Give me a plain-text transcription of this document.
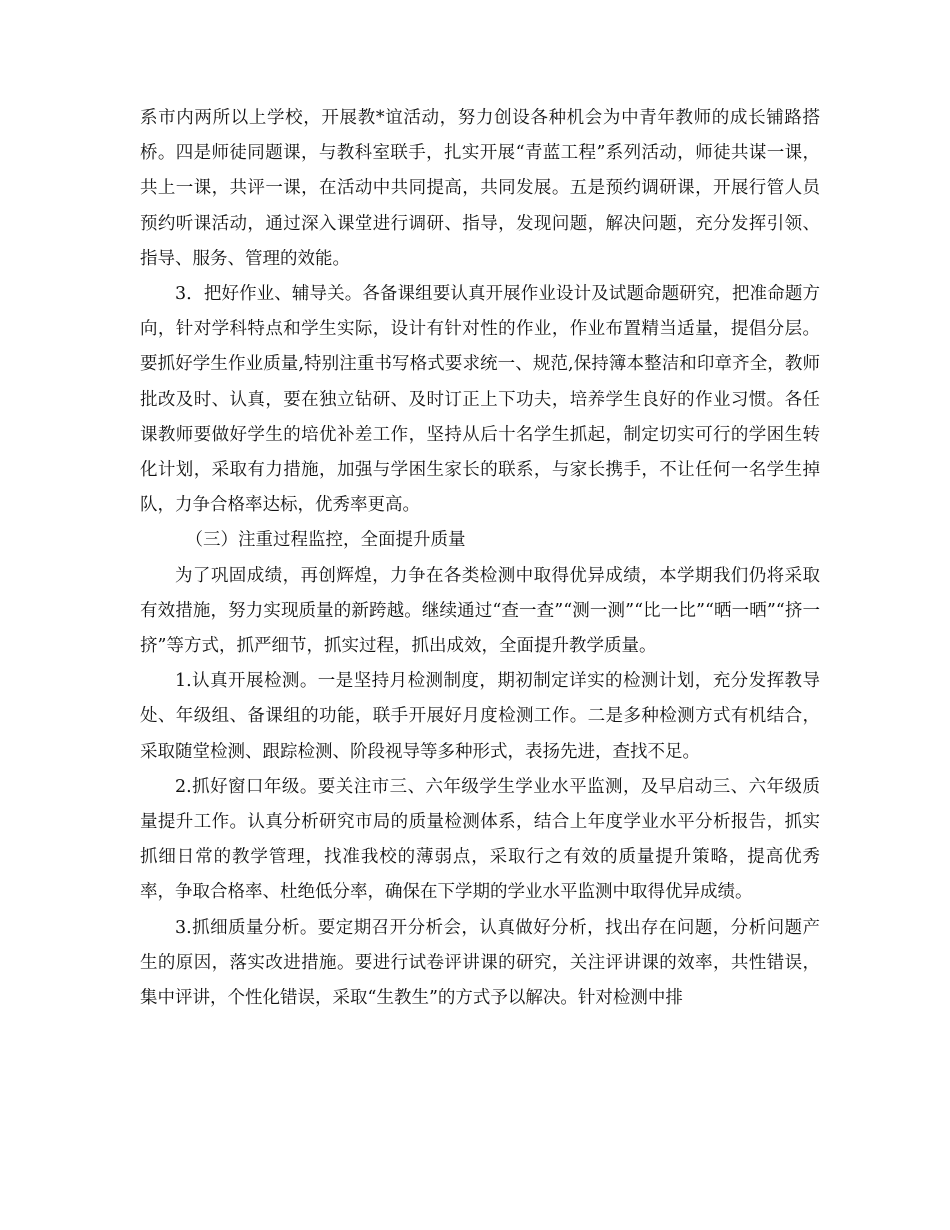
系市内两所以上学校，开展教*谊活动，努力创设各种机会为中青年教师的成长铺路搭桥。四是师徒同题课，与教科室联手，扎实开展“青蓝工程”系列活动，师徒共谋一课，共上一课，共评一课，在活动中共同提高，共同发展。五是预约调研课，开展行管人员预约听课活动，通过深入课堂进行调研、指导，发现问题，解决问题，充分发挥引领、指导、服务、管理的效能。

3．把好作业、辅导关。各备课组要认真开展作业设计及试题命题研究，把准命题方向，针对学科特点和学生实际，设计有针对性的作业，作业布置精当适量，提倡分层。要抓好学生作业质量,特别注重书写格式要求统一、规范,保持簿本整洁和印章齐全，教师批改及时、认真，要在独立钻研、及时订正上下功夫，培养学生良好的作业习惯。各任课教师要做好学生的培优补差工作，坚持从后十名学生抓起，制定切实可行的学困生转化计划，采取有力措施，加强与学困生家长的联系，与家长携手，不让任何一名学生掉队，力争合格率达标，优秀率更高。

（三）注重过程监控，全面提升质量

为了巩固成绩，再创辉煌，力争在各类检测中取得优异成绩，本学期我们仍将采取有效措施，努力实现质量的新跨越。继续通过“查一查”“测一测”“比一比”“晒一晒”“挤一挤”等方式，抓严细节，抓实过程，抓出成效，全面提升教学质量。

1.认真开展检测。一是坚持月检测制度，期初制定详实的检测计划，充分发挥教导处、年级组、备课组的功能，联手开展好月度检测工作。二是多种检测方式有机结合，采取随堂检测、跟踪检测、阶段视导等多种形式，表扬先进，查找不足。

2.抓好窗口年级。要关注市三、六年级学生学业水平监测，及早启动三、六年级质量提升工作。认真分析研究市局的质量检测体系，结合上年度学业水平分析报告，抓实抓细日常的教学管理，找准我校的薄弱点，采取行之有效的质量提升策略，提高优秀率，争取合格率、杜绝低分率，确保在下学期的学业水平监测中取得优异成绩。

3.抓细质量分析。要定期召开分析会，认真做好分析，找出存在问题，分析问题产生的原因，落实改进措施。要进行试卷评讲课的研究，关注评讲课的效率，共性错误，集中评讲，个性化错误，采取“生教生”的方式予以解决。针对检测中排
